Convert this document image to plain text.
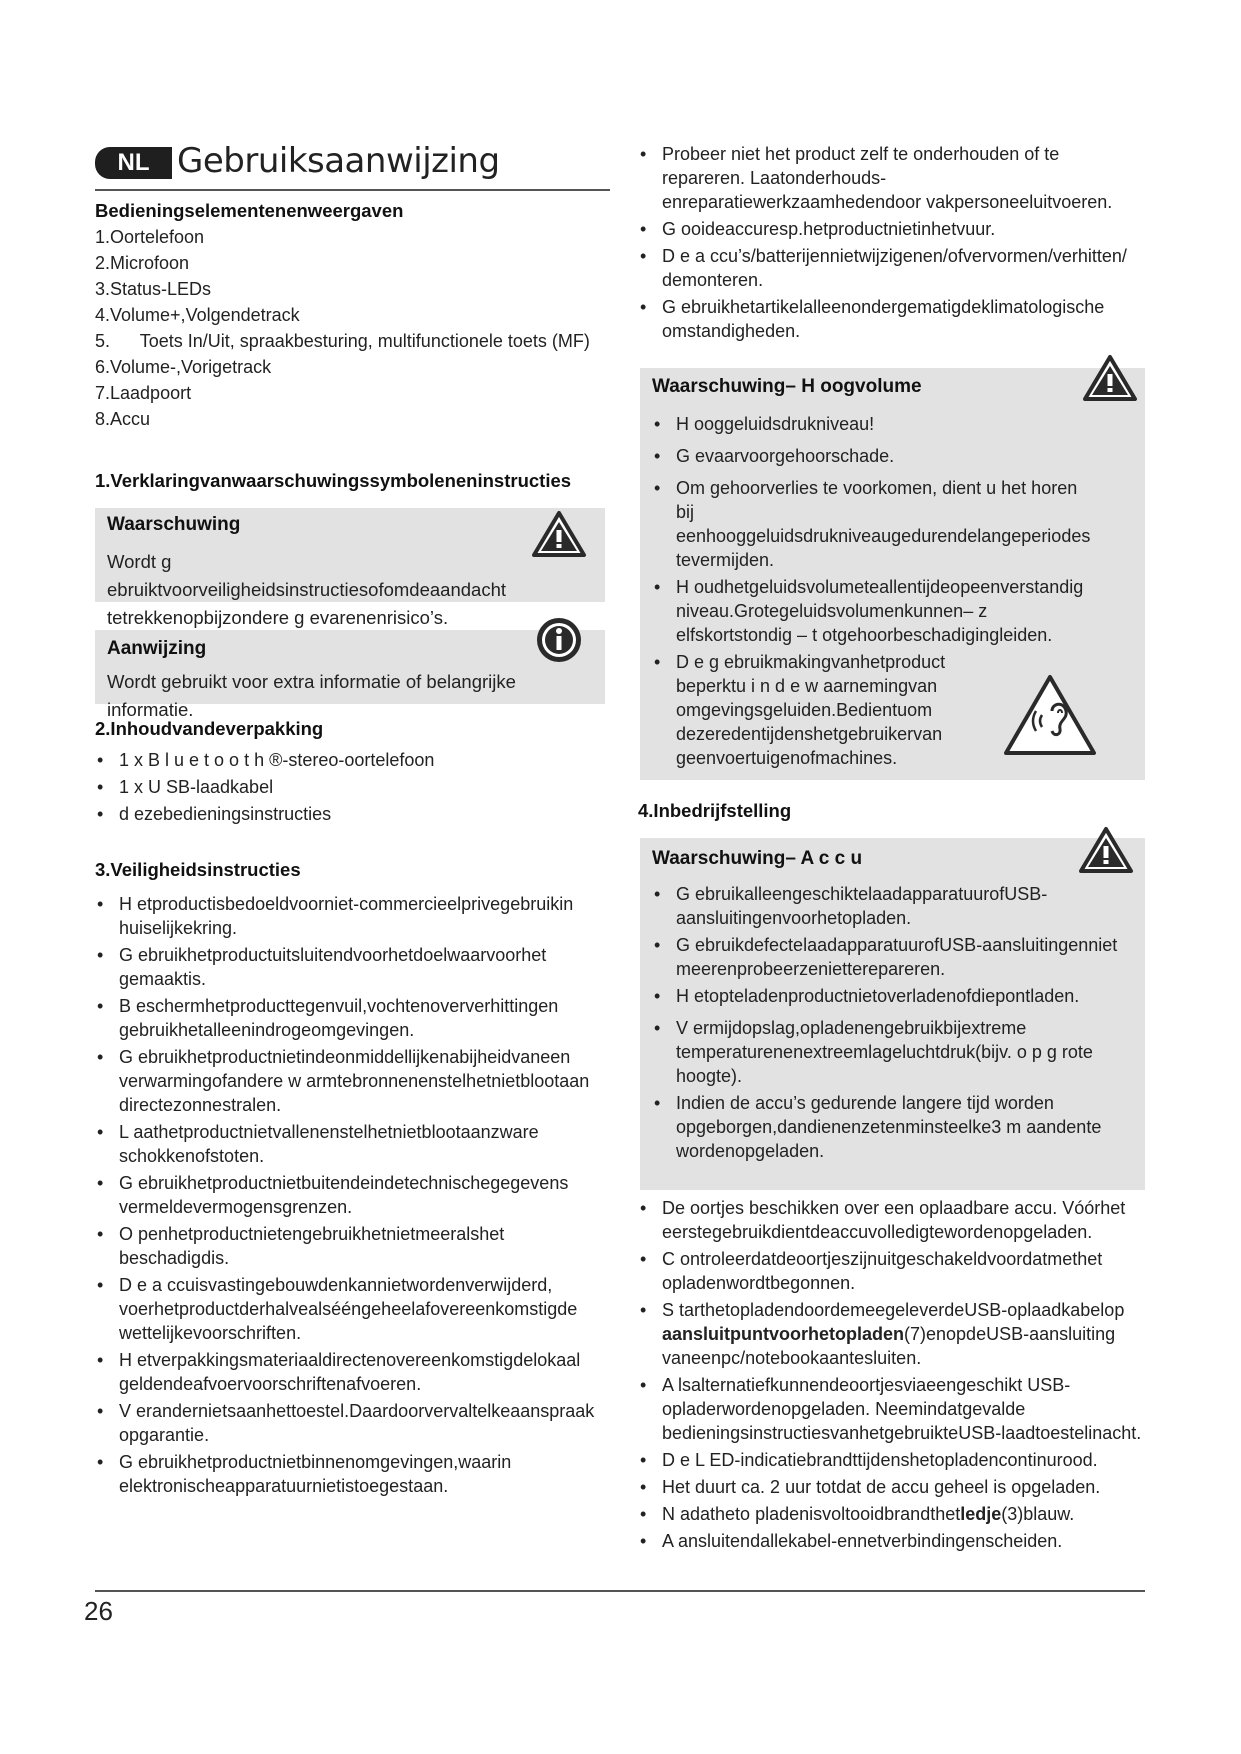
NL Gebruiksaanwijzing
Bedieningselementenenweergaven
1.Oortelefoon
2.Microfoon
3.Status-LEDs
4.Volume+,Volgendetrack
5.      Toets In/Uit, spraakbesturing, multifunctionele toets (MF)
6.Volume-,Vorigetrack
7.Laadpoort
8.Accu
1.Verklaringvanwaarschuwingssymboleneninstructies
Waarschuwing
Wordt g ebruiktvoorveiligheidsinstructiesofomdeaandacht tetrekkenopbijzondere g evarenenrisico’s.
Aanwijzing
Wordt gebruikt voor extra informatie of belangrijke informatie.
2.Inhoudvandeverpakking
• 1 x B l u e t o o t h ®-stereo-oortelefoon
• 1 x U SB-laadkabel
• d ezebedieningsinstructies
3.Veiligheidsinstructies
• H etproductisbedoeldvoorniet-commercieelprivegebruikin huiselijkekring.
• G ebruikhetproductuitsluitendvoorhetdoelwaarvoorhet gemaaktis.
• B eschermhetproducttegenvuil,vochtenoververhittingen gebruikhetalleenindrogeomgevingen.
• G ebruikhetproductnietindeonmiddellijkenabijheidvaneen verwarmingofandere w armtebronnenenstelhetnietblootaan directezonnestralen.
• L aathetproductnietvallenenstelhetnietblootaanzware schokkenofstoten.
• G ebruikhetproductnietbuitendeindetechnischegegevens vermeldevermogensgrenzen.
• O penhetproductnietengebruikhetnietmeeralshet beschadigdis.
• D e a ccuisvastingebouwdenkannietwordenverwijderd, voerhetproductderhalvealsééngeheelafovereenkomstigde wettelijkevoorschriften.
• H etverpakkingsmateriaaldirectenovereenkomstigdelokaal geldendeafvoervoorschriftenafvoeren.
• V erandernietsaanhettoestel.Daardoorvervaltelkeaanspraak opgarantie.
• G ebruikhetproductnietbinnenomgevingen,waarin elektronischeapparatuurnietistoegestaan.
• Probeer niet het product zelf te onderhouden of te repareren. Laatonderhouds-enreparatiewerkzaamhedendoor vakpersoneeluitvoeren.
• G ooideaccuresp.hetproductnietinhetvuur.
• D e a ccu’s/batterijennietwijzigenen/ofvervormen/verhitten/ demonteren.
• G ebruikhetartikelalleenondergematigdeklimatologische omstandigheden.
Waarschuwing– H oogvolume
• H ooggeluidsdrukniveau!
• G evaarvoorgehoorschade.
• Om gehoorverlies te voorkomen, dient u het horen bij eenhooggeluidsdrukniveaugedurendelangeperiodes tevermijden.
• H oudhetgeluidsvolumeteallentijdeopeenverstandig niveau.Grotegeluidsvolumenkunnen– z elfskortstondig – t otgehoorbeschadigingleiden.
• D e g ebruikmakingvanhetproduct beperktu i n d e w aarnemingvan omgevingsgeluiden.Bedientuom dezeredentijdenshetgebruikervan geenvoertuigenofmachines.
4.Inbedrijfstelling
Waarschuwing– A c c u
• G ebruikalleengeschiktelaadapparatuurofUSB- aansluitingenvoorhetopladen.
• G ebruikdefectelaadapparatuurofUSB-aansluitingenniet meerenprobeerzenietterepareren.
• H etopteladenproductnietoverladenofdiepontladen.
• V ermijdopslag,opladenengebruikbijextreme temperaturenenextreemlageluchtdruk(bijv. o p g rote hoogte).
• Indien de accu’s gedurende langere tijd worden opgeborgen,dandienenzetenminsteelke3 m aandente wordenopgeladen.
• De oortjes beschikken over een oplaadbare accu. Vóórhet eerstegebruikdientdeaccuvolledigtewordenopgeladen.
• C ontroleerdatdeoortjeszijnuitgeschakeldvoordatmethet opladenwordtbegonnen.
• S tarthetopladendoordemeegeleverdeUSB-oplaadkabelop aansluitpuntvoorhetopladen(7)enopdeUSB-aansluiting vaneenpc/notebookaantesluiten.
• A lsalternatiefkunnendeoortjesviaeengeschikt USB-opladerwordenopgeladen. Neemindatgevalde bedieningsinstructiesvanhetgebruikteUSB-laadtoestelinacht.
• D e L ED-indicatiebrandttijdenshetopladencontinurood.
• Het duurt ca. 2 uur totdat de accu geheel is opgeladen.
• N adatheto pladenisvoltooidbrandthetledje(3)blauw.
• A ansluitendallekabel-ennetverbindingenscheiden.
26
